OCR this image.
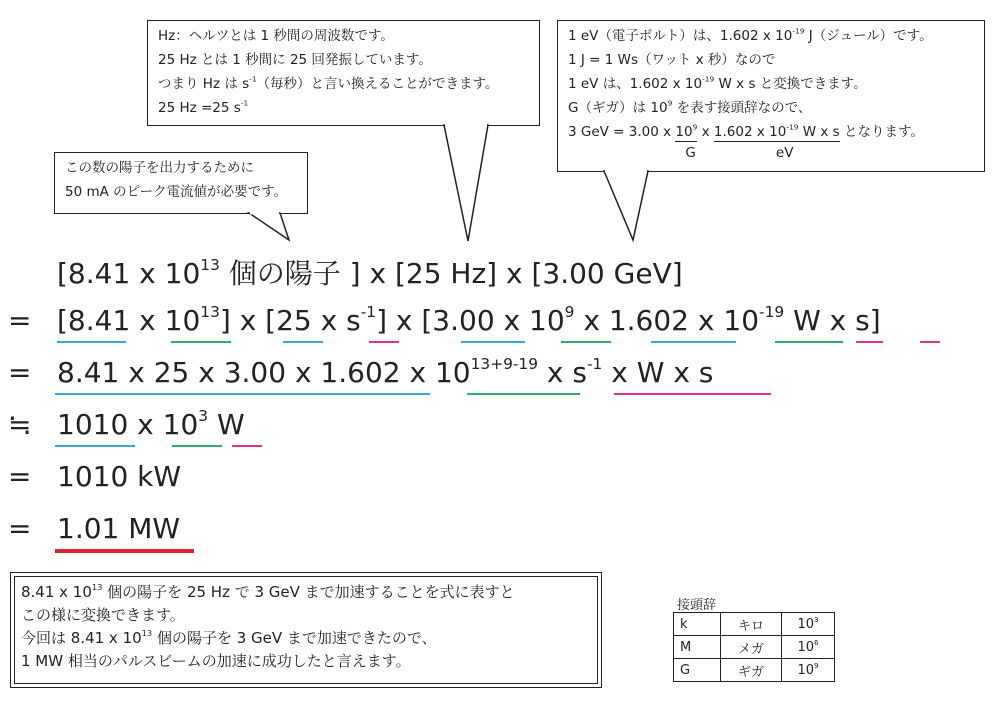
Hz：ヘルツとは 1 秒間の周波数です。
25 Hz とは 1 秒間に 25 回発振しています。
つまり Hz は $s^{-1}$（毎秒）と言い換えることができます。
25 Hz =25 $s^{-1}$
1 eV（電子ボルト）は、1.602 x $10^{-19}$ J（ジュール）です。
1 J = 1 Ws（ワット x 秒）なので
1 eV は、1.602 x $10^{-19}$ W x s と変換できます。
G（ギガ）は $10^9$ を表す接頭辞なので、
3 GeV = 3.00 x $10^9$
G
x 1.602 x $10^{-19}$ W x s
eV
となります。
この数の陽子を出力するために
50 mA のピーク電流値が必要です。
[8.41 x $10^{13}$ 個の陽子 ] x [25 Hz] x [3.00 GeV]
= [8.41 x $10^{13}$] x [25 x $s^{-1}$] x [3.00 x $10^9$ x 1.602 x $10^{-19}$ W x s]
= 8.41 x 25 x 3.00 x 1.602 x $10^{13+9-19}$ x $s^{-1}$ x W x s
≒ 1010 x $10^3$ W
= 1010 kW
= 1.01 MW
8.41 x $10^{13}$ 個の陽子を 25 Hz で 3 GeV まで加速することを式に表すと
この様に変換できます。
今回は 8.41 x $10^{13}$ 個の陽子を 3 GeV まで加速できたので、
1 MW 相当のパルスビームの加速に成功したと言えます。
接頭辞
k	キロ	$10^3$
M	メガ	$10^6$
G	ギガ	$10^9$
